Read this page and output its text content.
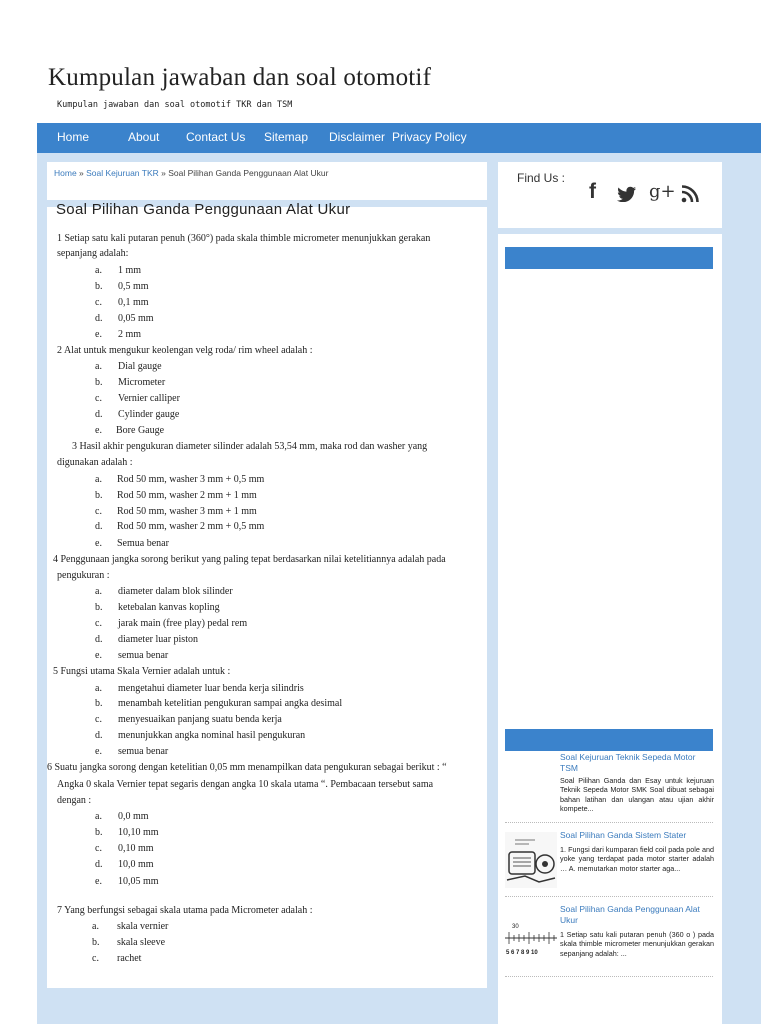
Kumpulan jawaban dan soal otomotif
Kumpulan jawaban dan soal otomotif TKR dan TSM
Home	About Contact Us Sitemap Disclaimer Privacy Policy
Home » Soal Kejuruan TKR » Soal Pilihan Ganda Penggunaan Alat Ukur
Soal Pilihan Ganda Penggunaan Alat Ukur
1 Setiap satu kali putaran penuh (360°) pada skala thimble micrometer menunjukkan gerakan
sepanjang adalah:
a. 1 mm
b. 0,5 mm
c. 0,1 mm
d. 0,05 mm
e. 2 mm
2 Alat untuk mengukur keolengan velg roda/ rim wheel adalah :
a. Dial gauge
b. Micrometer
c. Vernier calliper
d. Cylinder gauge
e. Bore Gauge
3 Hasil akhir pengukuran diameter silinder adalah 53,54 mm, maka rod dan washer yang
digunakan adalah :
a. Rod 50 mm, washer 3 mm + 0,5 mm
b. Rod 50 mm, washer 2 mm + 1 mm
c. Rod 50 mm, washer 3 mm + 1 mm
d. Rod 50 mm, washer 2 mm + 0,5 mm
e. Semua benar
4 Penggunaan jangka sorong berikut yang paling tepat berdasarkan nilai ketelitiannya adalah pada
pengukuran :
a. diameter dalam blok silinder
b. ketebalan kanvas kopling
c. jarak main (free play) pedal rem
d. diameter luar piston
e. semua benar
5 Fungsi utama Skala Vernier adalah untuk :
a. mengetahui diameter luar benda kerja silindris
b. menambah ketelitian pengukuran sampai angka desimal
c. menyesuaikan panjang suatu benda kerja
d. menunjukkan angka nominal hasil pengukuran
e. semua benar
6 Suatu jangka sorong dengan ketelitian 0,05 mm menampilkan data pengukuran sebagai berikut : “
Angka 0 skala Vernier tepat segaris dengan angka 10 skala utama “. Pembacaan tersebut sama
dengan :
a. 0,0 mm
b. 10,10 mm
c. 0,10 mm
d. 10,0 mm
e. 10,05 mm
7 Yang berfungsi sebagai skala utama pada Micrometer adalah :
a. skala vernier
b. skala sleeve
c. rachet
Find Us :
f	g+
Soal Kejuruan Teknik Sepeda Motor TSM
Soal Pilihan Ganda dan Esay untuk kejuruan Teknik Sepeda Motor SMK Soal dibuat sebagai bahan latihan dan ulangan atau ujian akhir kompete...
Soal Pilihan Ganda Sistem Stater
1. Fungsi dari kumparan field coil pada pole and yoke yang terdapat pada motor starter adalah … A. memutarkan motor starter aga...
30
5 6 7 8 9 10
Soal Pilihan Ganda Penggunaan Alat Ukur
1 Setiap satu kali putaran penuh (360 o ) pada skala thimble micrometer menunjukkan gerakan sepanjang adalah: ...
